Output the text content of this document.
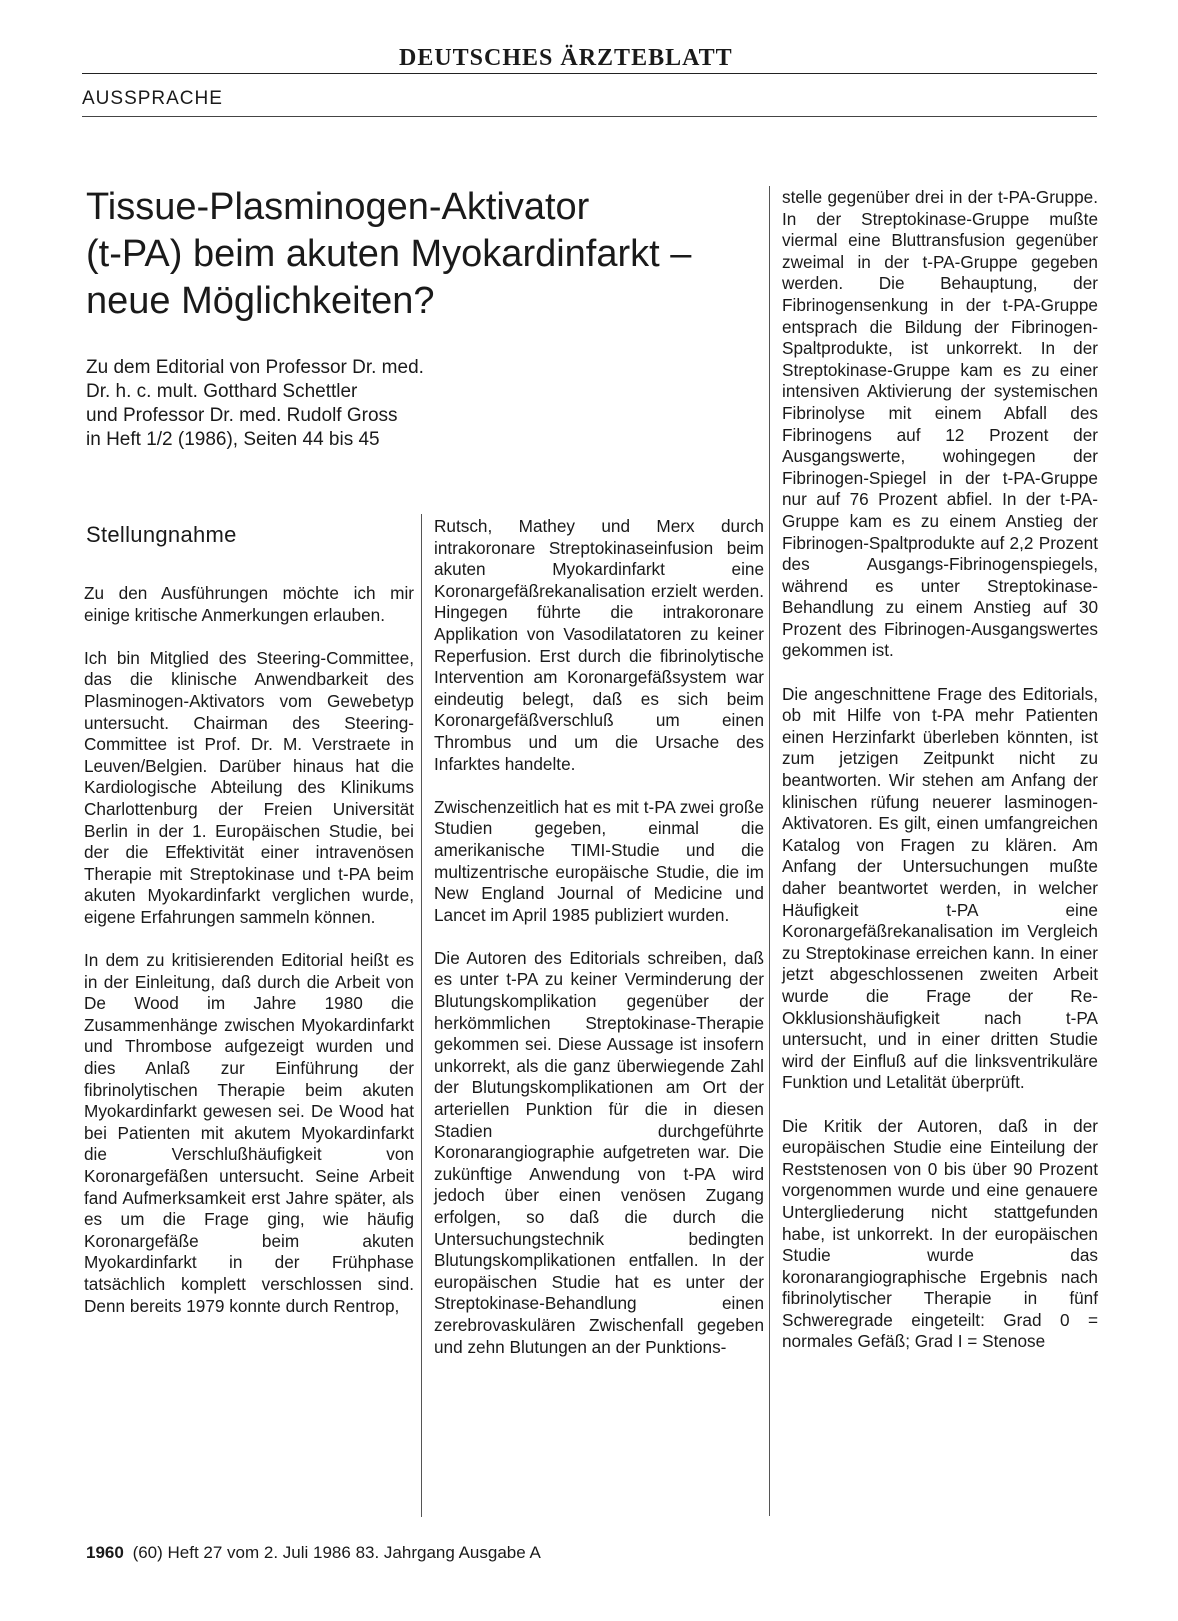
DEUTSCHES ÄRZTEBLATT
AUSSPRACHE
Tissue-Plasminogen-Aktivator
(t-PA) beim akuten Myokardinfarkt –
neue Möglichkeiten?
Zu dem Editorial von Professor Dr. med.
Dr. h. c. mult. Gotthard Schettler
und Professor Dr. med. Rudolf Gross
in Heft 1/2 (1986), Seiten 44 bis 45
Stellungnahme

Zu den Ausführungen möchte ich mir einige kritische Anmerkungen erlauben.

Ich bin Mitglied des Steering-Committee, das die klinische Anwendbarkeit des Plasminogen-Aktivators vom Gewebetyp untersucht. Chairman des Steering-Committee ist Prof. Dr. M. Verstraete in Leuven/Belgien. Darüber hinaus hat die Kardiologische Abteilung des Klinikums Charlottenburg der Freien Universität Berlin in der 1. Europäischen Studie, bei der die Effektivität einer intravenösen Therapie mit Streptokinase und t-PA beim akuten Myokardinfarkt verglichen wurde, eigene Erfahrungen sammeln können.

In dem zu kritisierenden Editorial heißt es in der Einleitung, daß durch die Arbeit von De Wood im Jahre 1980 die Zusammenhänge zwischen Myokardinfarkt und Thrombose aufgezeigt wurden und dies Anlaß zur Einführung der fibrinolytischen Therapie beim akuten Myokardinfarkt gewesen sei. De Wood hat bei Patienten mit akutem Myokardinfarkt die Verschlußhäufigkeit von Koronargefäßen untersucht. Seine Arbeit fand Aufmerksamkeit erst Jahre später, als es um die Frage ging, wie häufig Koronargefäße beim akuten Myokardinfarkt in der Frühphase tatsächlich komplett verschlossen sind. Denn bereits 1979 konnte durch Rentrop,

Rutsch, Mathey und Merx durch intrakoronare Streptokinaseinfusion beim akuten Myokardinfarkt eine Koronargefäßrekanalisation erzielt werden. Hingegen führte die intrakoronare Applikation von Vasodilatatoren zu keiner Reperfusion. Erst durch die fibrinolytische Intervention am Koronargefäßsystem war eindeutig belegt, daß es sich beim Koronargefäßverschluß um einen Thrombus und um die Ursache des Infarktes handelte.

Zwischenzeitlich hat es mit t-PA zwei große Studien gegeben, einmal die amerikanische TIMI-Studie und die multizentrische europäische Studie, die im New England Journal of Medicine und Lancet im April 1985 publiziert wurden.

Die Autoren des Editorials schreiben, daß es unter t-PA zu keiner Verminderung der Blutungskomplikation gegenüber der herkömmlichen Streptokinase-Therapie gekommen sei. Diese Aussage ist insofern unkorrekt, als die ganz überwiegende Zahl der Blutungskomplikationen am Ort der arteriellen Punktion für die in diesen Stadien durchgeführte Koronarangiographie aufgetreten war. Die zukünftige Anwendung von t-PA wird jedoch über einen venösen Zugang erfolgen, so daß die durch die Untersuchungstechnik bedingten Blutungskomplikationen entfallen. In der europäischen Studie hat es unter der Streptokinase-Behandlung einen zerebrovaskulären Zwischenfall gegeben und zehn Blutungen an der Punktions-

stelle gegenüber drei in der t-PA-Gruppe. In der Streptokinase-Gruppe mußte viermal eine Bluttransfusion gegenüber zweimal in der t-PA-Gruppe gegeben werden. Die Behauptung, der Fibrinogensenkung in der t-PA-Gruppe entsprach die Bildung der Fibrinogen-Spaltprodukte, ist unkorrekt. In der Streptokinase-Gruppe kam es zu einer intensiven Aktivierung der systemischen Fibrinolyse mit einem Abfall des Fibrinogens auf 12 Prozent der Ausgangswerte, wohingegen der Fibrinogen-Spiegel in der t-PA-Gruppe nur auf 76 Prozent abfiel. In der t-PA-Gruppe kam es zu einem Anstieg der Fibrinogen-Spaltprodukte auf 2,2 Prozent des Ausgangs-Fibrinogenspiegels, während es unter Streptokinase-Behandlung zu einem Anstieg auf 30 Prozent des Fibrinogen-Ausgangswertes gekommen ist.

Die angeschnittene Frage des Editorials, ob mit Hilfe von t-PA mehr Patienten einen Herzinfarkt überleben könnten, ist zum jetzigen Zeitpunkt nicht zu beantworten. Wir stehen am Anfang der klinischen rüfung neuerer lasminogen-Aktivatoren. Es gilt, einen umfangreichen Katalog von Fragen zu klären. Am Anfang der Untersuchungen mußte daher beantwortet werden, in welcher Häufigkeit t-PA eine Koronargefäßrekanalisation im Vergleich zu Streptokinase erreichen kann. In einer jetzt abgeschlossenen zweiten Arbeit wurde die Frage der Re-Okklusionshäufigkeit nach t-PA untersucht, und in einer dritten Studie wird der Einfluß auf die linksventrikuläre Funktion und Letalität überprüft.

Die Kritik der Autoren, daß in der europäischen Studie eine Einteilung der Reststenosen von 0 bis über 90 Prozent vorgenommen wurde und eine genauere Untergliederung nicht stattgefunden habe, ist unkorrekt. In der europäischen Studie wurde das koronarangiographische Ergebnis nach fibrinolytischer Therapie in fünf Schweregrade eingeteilt: Grad 0 = normales Gefäß; Grad I = Stenose

1960 (60) Heft 27 vom 2. Juli 1986 83. Jahrgang Ausgabe A
